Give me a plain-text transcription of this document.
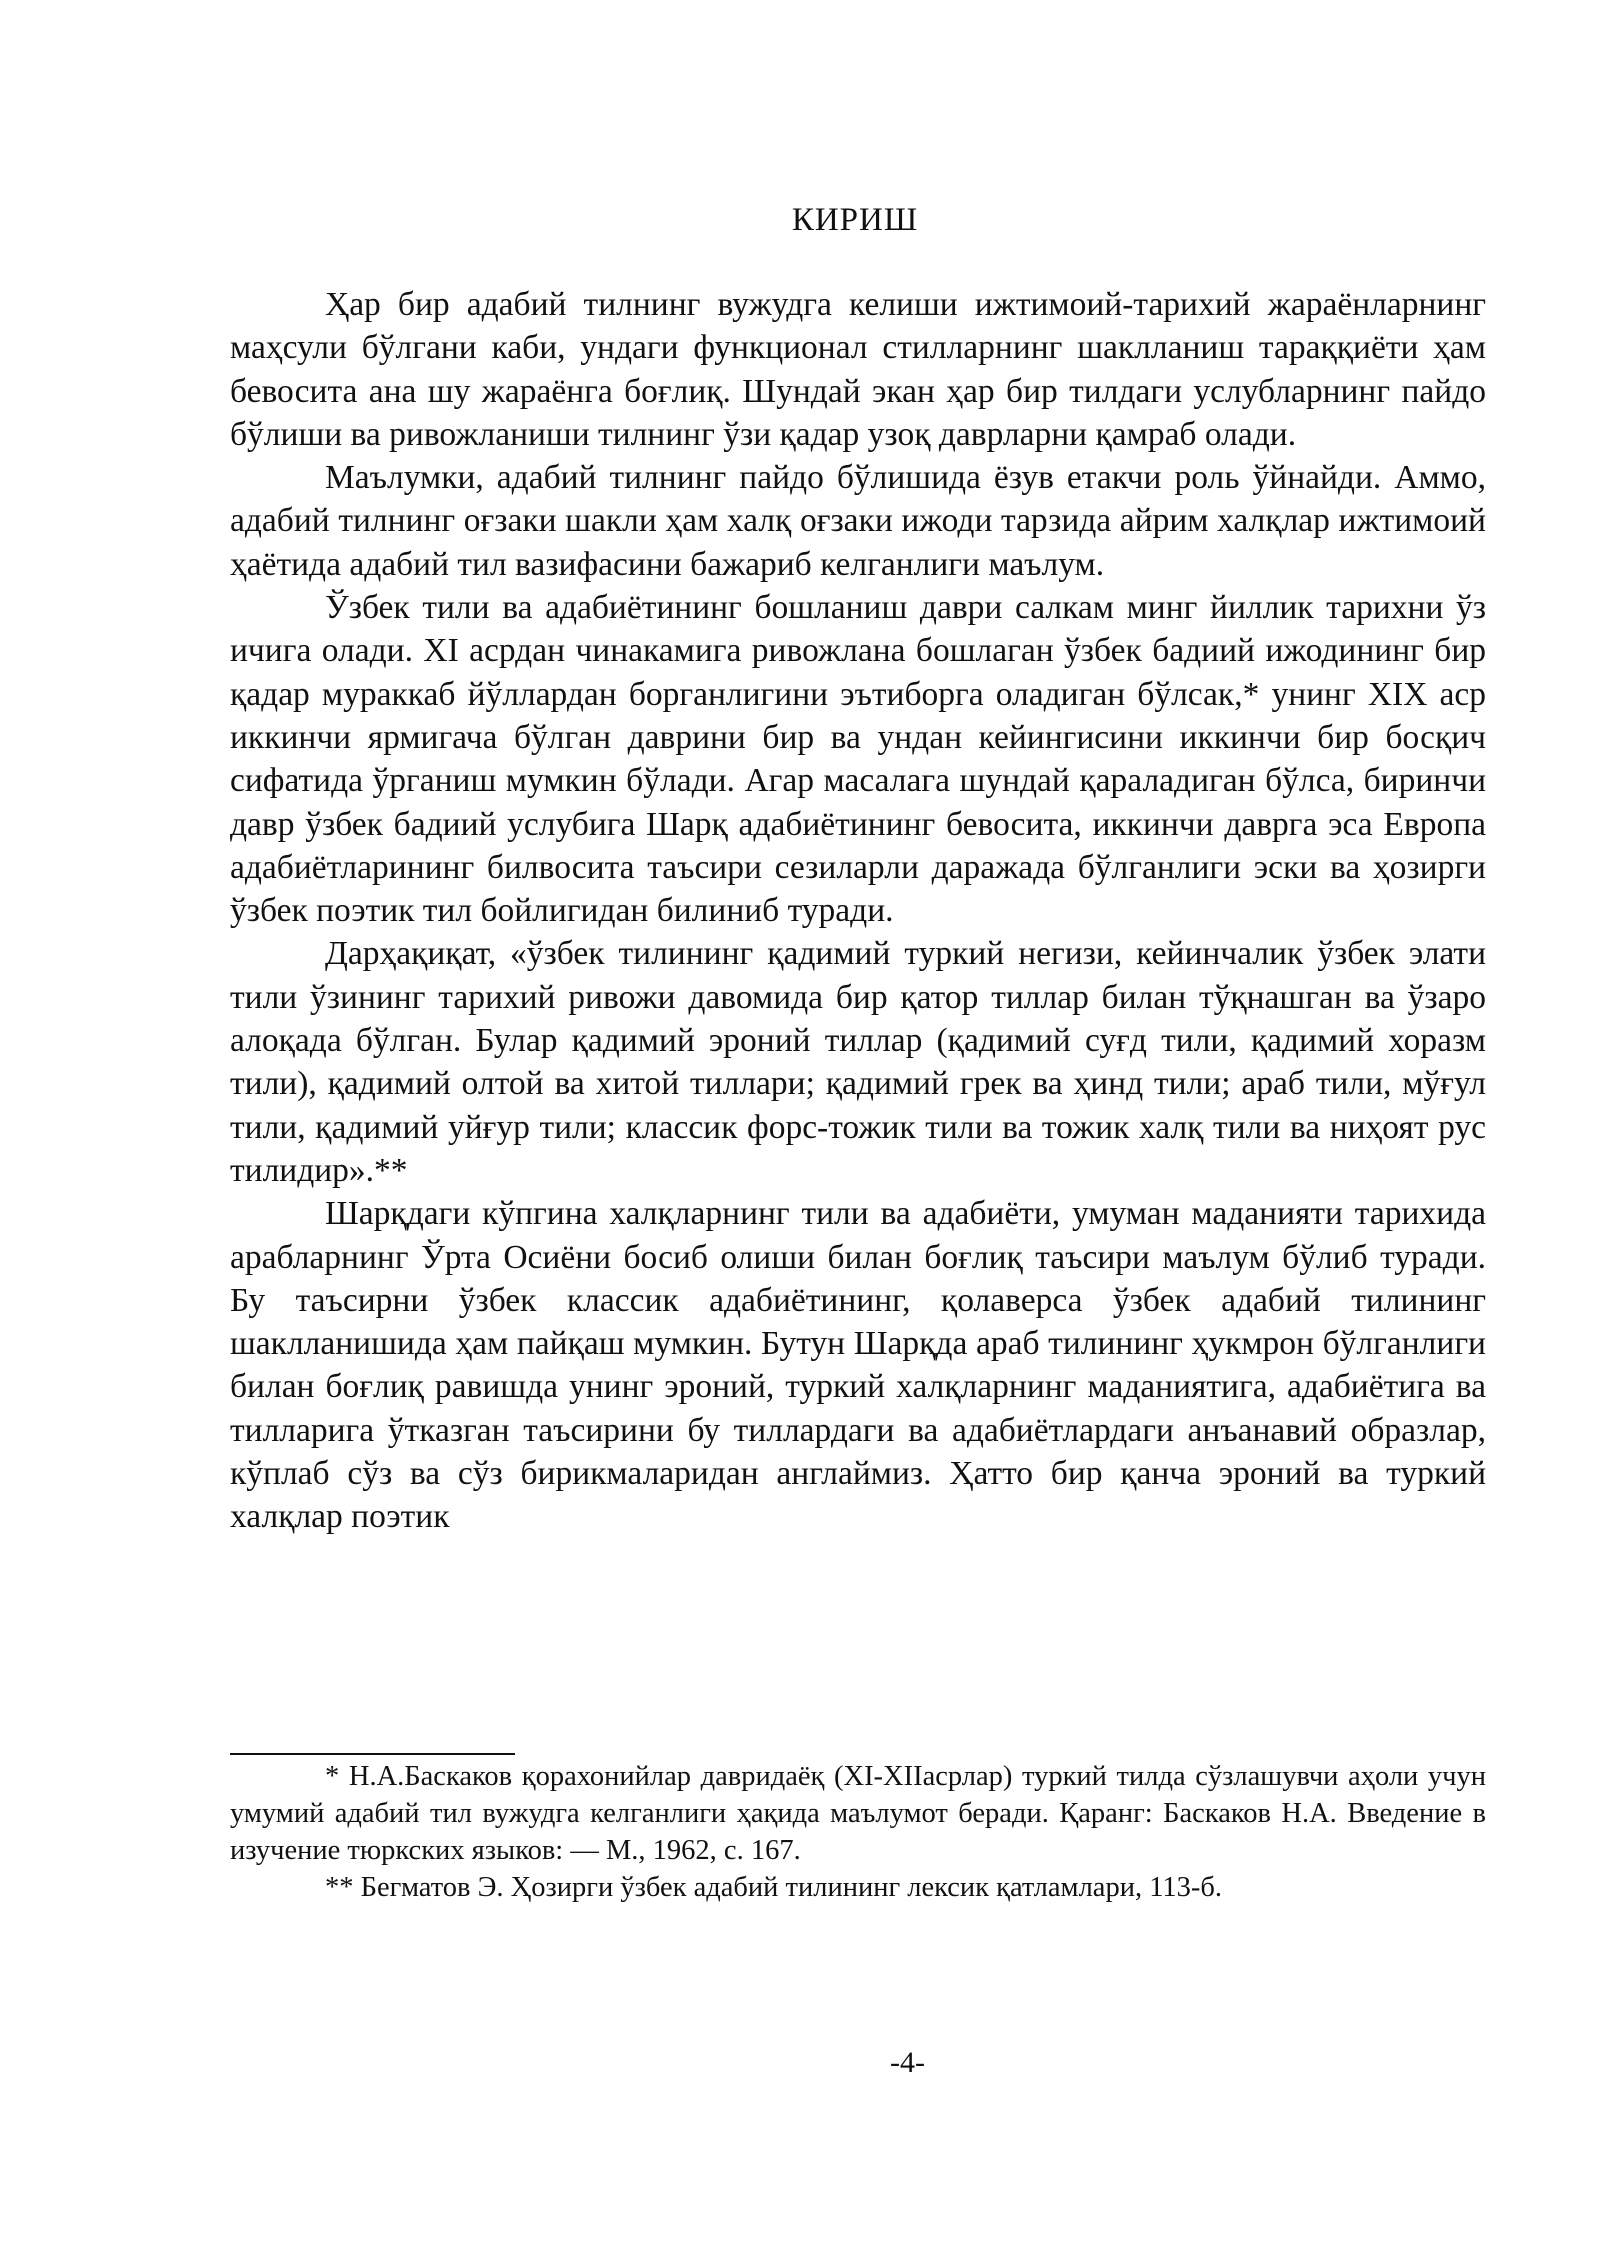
КИРИШ

Ҳар бир адабий тилнинг вужудга келиши ижтимоий-тарихий жараёнларнинг маҳсули бўлгани каби, ундаги функционал стилларнинг шаклланиш тараққиёти ҳам бевосита ана шу жараёнга боғлиқ. Шундай экан ҳар бир тилдаги услубларнинг пайдо бўлиши ва ривожланиши тилнинг ўзи қадар узоқ даврларни қамраб олади.

Маълумки, адабий тилнинг пайдо бўлишида ёзув етакчи роль ўйнайди. Аммо, адабий тилнинг оғзаки шакли ҳам халқ оғзаки ижоди тарзида айрим халқлар ижтимоий ҳаётида адабий тил вазифасини бажариб келганлиги маълум.

Ўзбек тили ва адабиётининг бошланиш даври салкам минг йиллик тарихни ўз ичига олади. XI асрдан чинакамига ривожлана бошлаган ўзбек бадиий ижодининг бир қадар мураккаб йўллардан борганлигини эътиборга оладиган бўлсак,* унинг XIX аср иккинчи ярмигача бўлган даврини бир ва ундан кейингисини иккинчи бир босқич сифатида ўрганиш мумкин бўлади. Агар масалага шундай қараладиган бўлса, биринчи давр ўзбек бадиий услубига Шарқ адабиётининг бевосита, иккинчи даврга эса Европа адабиётларининг билвосита таъсири сезиларли даражада бўлганлиги эски ва ҳозирги ўзбек поэтик тил бойлигидан билиниб туради.

Дарҳақиқат, «ўзбек тилининг қадимий туркий негизи, кейинчалик ўзбек элати тили ўзининг тарихий ривожи давомида бир қатор тиллар билан тўқнашган ва ўзаро алоқада бўлган. Булар қадимий эроний тиллар (қадимий суғд тили, қадимий хоразм тили), қадимий олтой ва хитой тиллари; қадимий грек ва ҳинд тили; араб тили, мўғул тили, қадимий уйғур тили; классик форс-тожик тили ва тожик халқ тили ва ниҳоят рус тилидир».**

Шарқдаги кўпгина халқларнинг тили ва адабиёти, умуман маданияти тарихида арабларнинг Ўрта Осиёни босиб олиши билан боғлиқ таъсири маълум бўлиб туради. Бу таъсирни ўзбек классик адабиётининг, қолаверса ўзбек адабий тилининг шаклланишида ҳам пайқаш мумкин. Бутун Шарқда араб тилининг ҳукмрон бўлганлиги билан боғлиқ равишда унинг эроний, туркий халқларнинг маданиятига, адабиётига ва тилларига ўтказган таъсирини бу тиллардаги ва адабиётлардаги анъанавий образлар, кўплаб сўз ва сўз бирикмаларидан англаймиз. Ҳатто бир қанча эроний ва туркий халқлар поэтик

* Н.А.Баскаков қорахонийлар давридаёқ (XI-XIIасрлар) туркий тилда сўзлашувчи аҳоли учун умумий адабий тил вужудга келганлиги ҳақида маълумот беради. Қаранг: Баскаков Н.А. Введение в изучение тюркских языков: — М., 1962, с. 167.

** Бегматов Э. Ҳозирги ўзбек адабий тилининг лексик қатламлари, 113-б.

-4-
